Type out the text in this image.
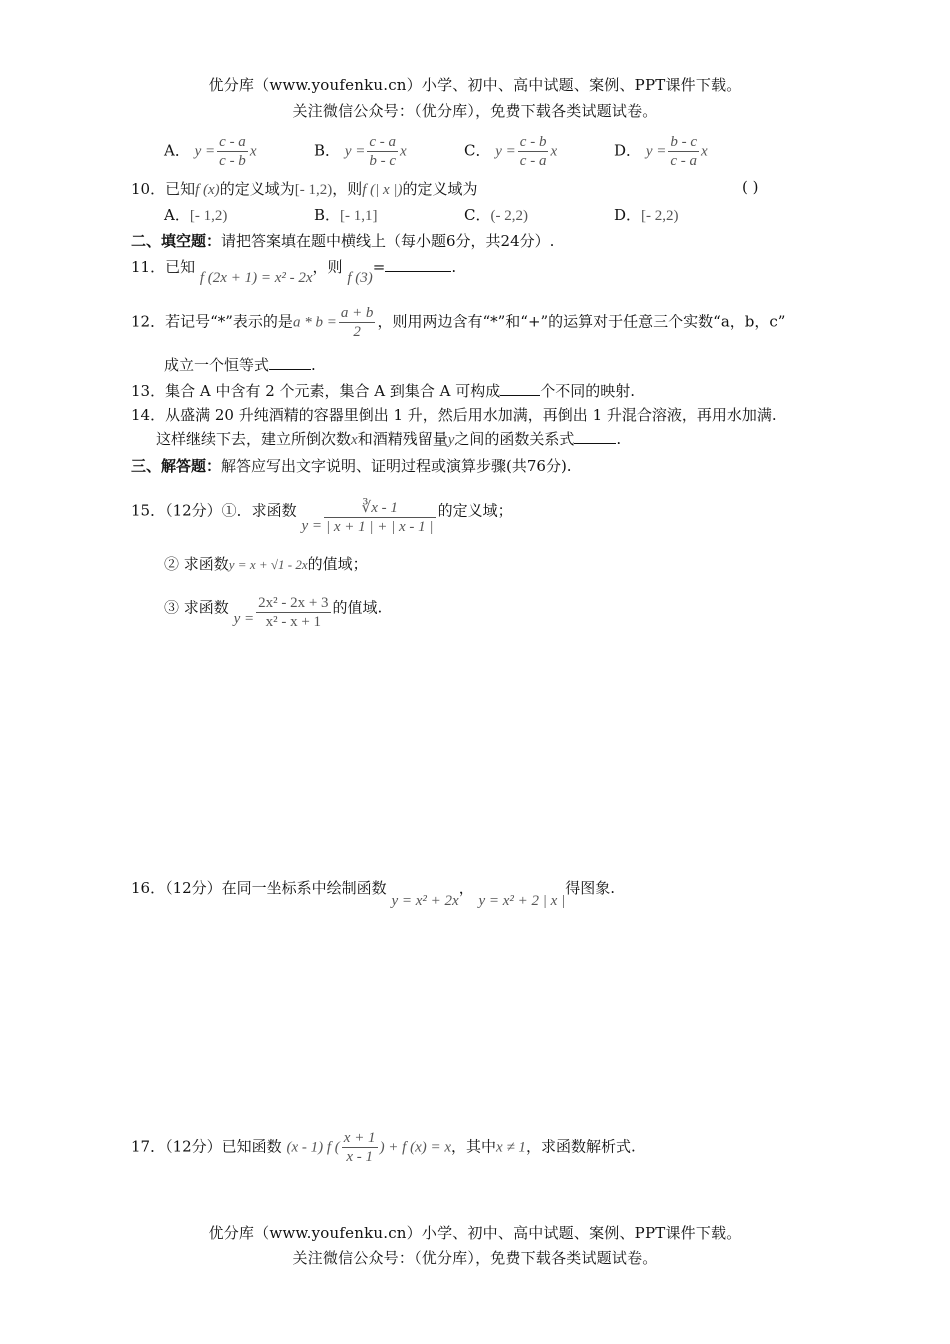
优分库（www.youfenku.cn）小学、初中、高中试题、案例、PPT课件下载。
关注微信公众号：（优分库），免费下载各类试题试卷。
A． $y = \frac{c - a}{c - b}$ x	B． $y = \frac{c - a}{b - c}$ x	C． $y = \frac{c - b}{c - a}$ x	D． $y = \frac{b - c}{c - a}$ x
10．已知f (x)的定义域为[- 1,2)，则f (| x |)的定义域为	( )
A．[- 1,2)	B．[- 1,1]	C．(- 2,2)	D．[- 2,2)
二、填空题：请把答案填在题中横线上（每小题6分，共24分）.
11．已知 f (2x + 1) = x² - 2x，则 f (3)=	.
12．若记号“*”表示的是$a * b = \frac{a + b}{2}$ ，则用两边含有“*”和“+”的运算对于任意三个实数“a，b，c”
成立一个恒等式	.
13．集合 A 中含有 2 个元素，集合 A 到集合 A 可构成	个不同的映射.
14．从盛满 20 升纯酒精的容器里倒出 1 升，然后用水加满，再倒出 1 升混合溶液，再用水加满.
这样继续下去，建立所倒次数x和酒精残留量y之间的函数关系式	.
三、解答题：解答应写出文字说明、证明过程或演算步骤(共76分).
15．（12分）①．求函数 $y = \frac{∛x - 1}{| x + 1 | + | x - 1 |}$ 的定义域；
② 求函数y = x + √1 - 2x的值域；
③ 求函数 $y = \frac{\text{2x² - 2x + 3}}{\text{x² - x + 1}}$ 的值域.
16．（12分）在同一坐标系中绘制函数 y = x² + 2x， y = x² + 2 | x |得图象.
17．（12分）已知函数 (x - 1) f ( $\frac{x + 1}{x - 1}$ ) + f (x) = x，其中x ≠ 1，求函数解析式.
优分库（www.youfenku.cn）小学、初中、高中试题、案例、PPT课件下载。
关注微信公众号：（优分库），免费下载各类试题试卷。
